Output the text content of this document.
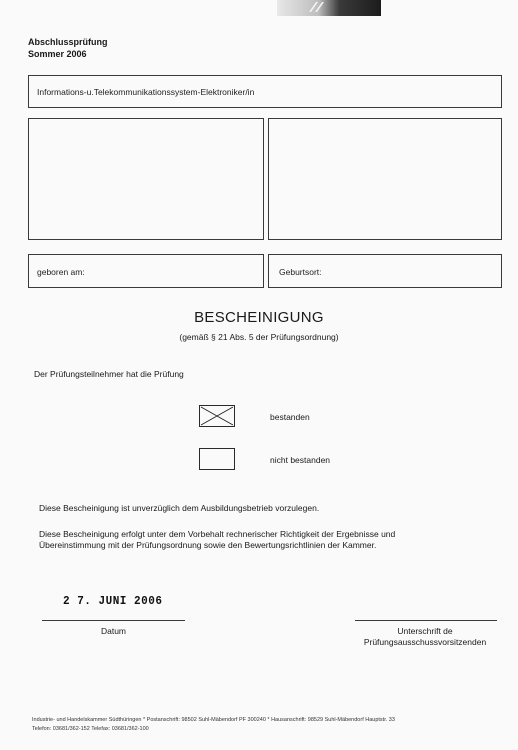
Abschlussprüfung
Sommer 2006
Informations-u.Telekommunikationssystem-Elektroniker/in
geboren am:	Geburtsort:
BESCHEINIGUNG
(gemäß § 21 Abs. 5 der Prüfungsordnung)
Der Prüfungsteilnehmer hat die Prüfung
bestanden
nicht bestanden
Diese Bescheinigung ist unverzüglich dem Ausbildungsbetrieb vorzulegen.
Diese Bescheinigung erfolgt unter dem Vorbehalt rechnerischer Richtigkeit der Ergebnisse und Übereinstimmung mit der Prüfungsordnung sowie den Bewertungsrichtlinien der Kammer.
2 7. JUNI 2006
Datum	Unterschrift de
Prüfungsausschussvorsitzenden
Industrie- und Handelskammer Südthüringen * Postanschrift: 98502 Suhl-Mäbendorf PF 300240 * Hausanschrift: 98529 Suhl-Mäbendorf Hauptstr. 33
Telefon: 03681/362-152 Telefax: 03681/362-100
